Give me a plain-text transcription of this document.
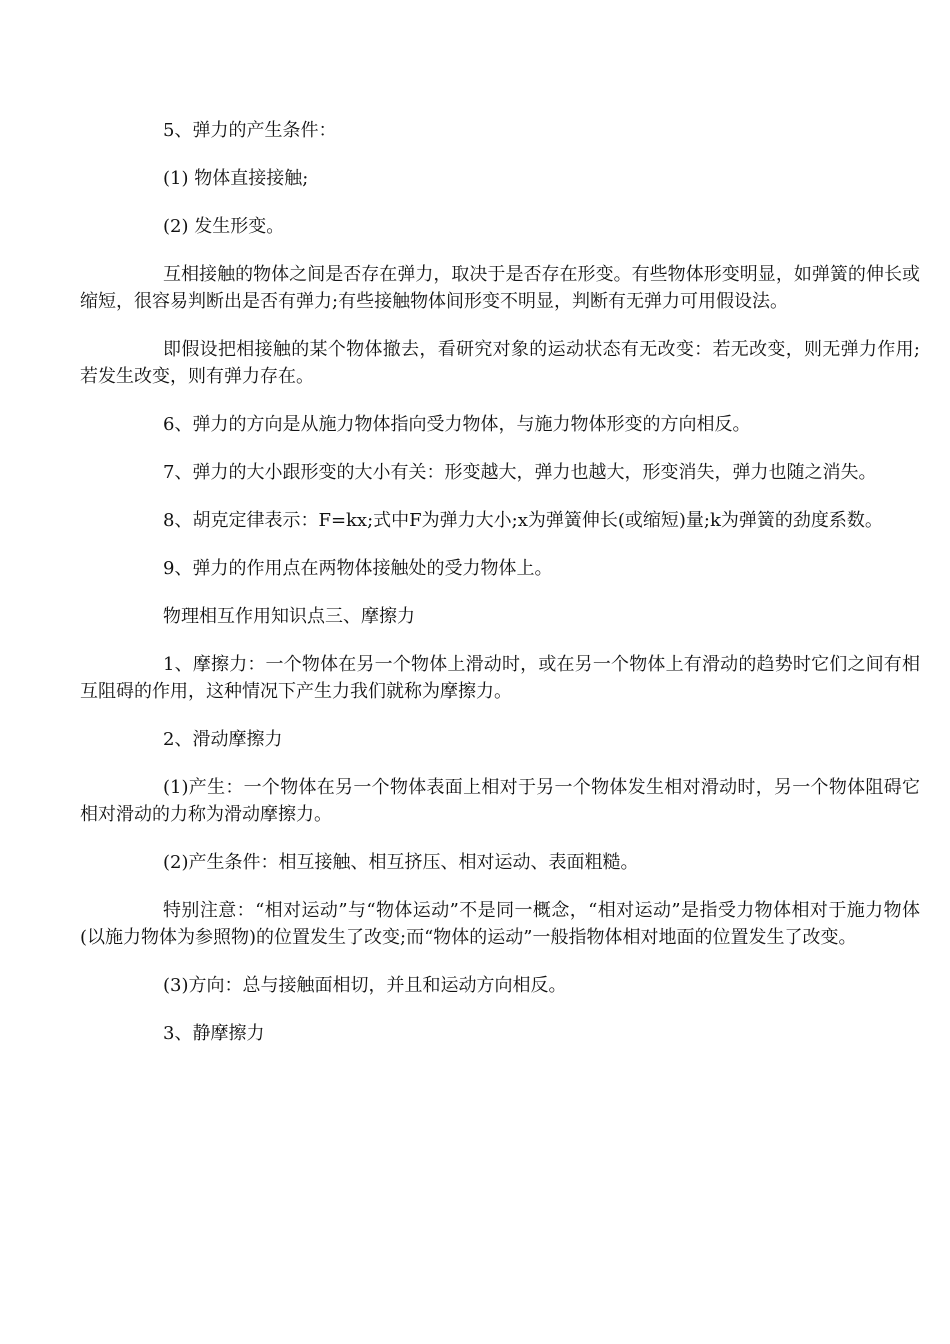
5、弹力的产生条件：

(1) 物体直接接触;

(2) 发生形变。

互相接触的物体之间是否存在弹力，取决于是否存在形变。有些物体形变明显，如弹簧的伸长或缩短，很容易判断出是否有弹力;有些接触物体间形变不明显，判断有无弹力可用假设法。

即假设把相接触的某个物体撤去，看研究对象的运动状态有无改变：若无改变，则无弹力作用;若发生改变，则有弹力存在。

6、弹力的方向是从施力物体指向受力物体，与施力物体形变的方向相反。

7、弹力的大小跟形变的大小有关：形变越大，弹力也越大，形变消失，弹力也随之消失。

8、胡克定律表示：F=kx;式中F为弹力大小;x为弹簧伸长(或缩短)量;k为弹簧的劲度系数。

9、弹力的作用点在两物体接触处的受力物体上。

物理相互作用知识点三、摩擦力

1、摩擦力：一个物体在另一个物体上滑动时，或在另一个物体上有滑动的趋势时它们之间有相互阻碍的作用，这种情况下产生力我们就称为摩擦力。

2、滑动摩擦力

(1)产生：一个物体在另一个物体表面上相对于另一个物体发生相对滑动时，另一个物体阻碍它相对滑动的力称为滑动摩擦力。

(2)产生条件：相互接触、相互挤压、相对运动、表面粗糙。

特别注意：“相对运动”与“物体运动”不是同一概念，“相对运动”是指受力物体相对于施力物体(以施力物体为参照物)的位置发生了改变;而“物体的运动”一般指物体相对地面的位置发生了改变。

(3)方向：总与接触面相切，并且和运动方向相反。

3、静摩擦力
